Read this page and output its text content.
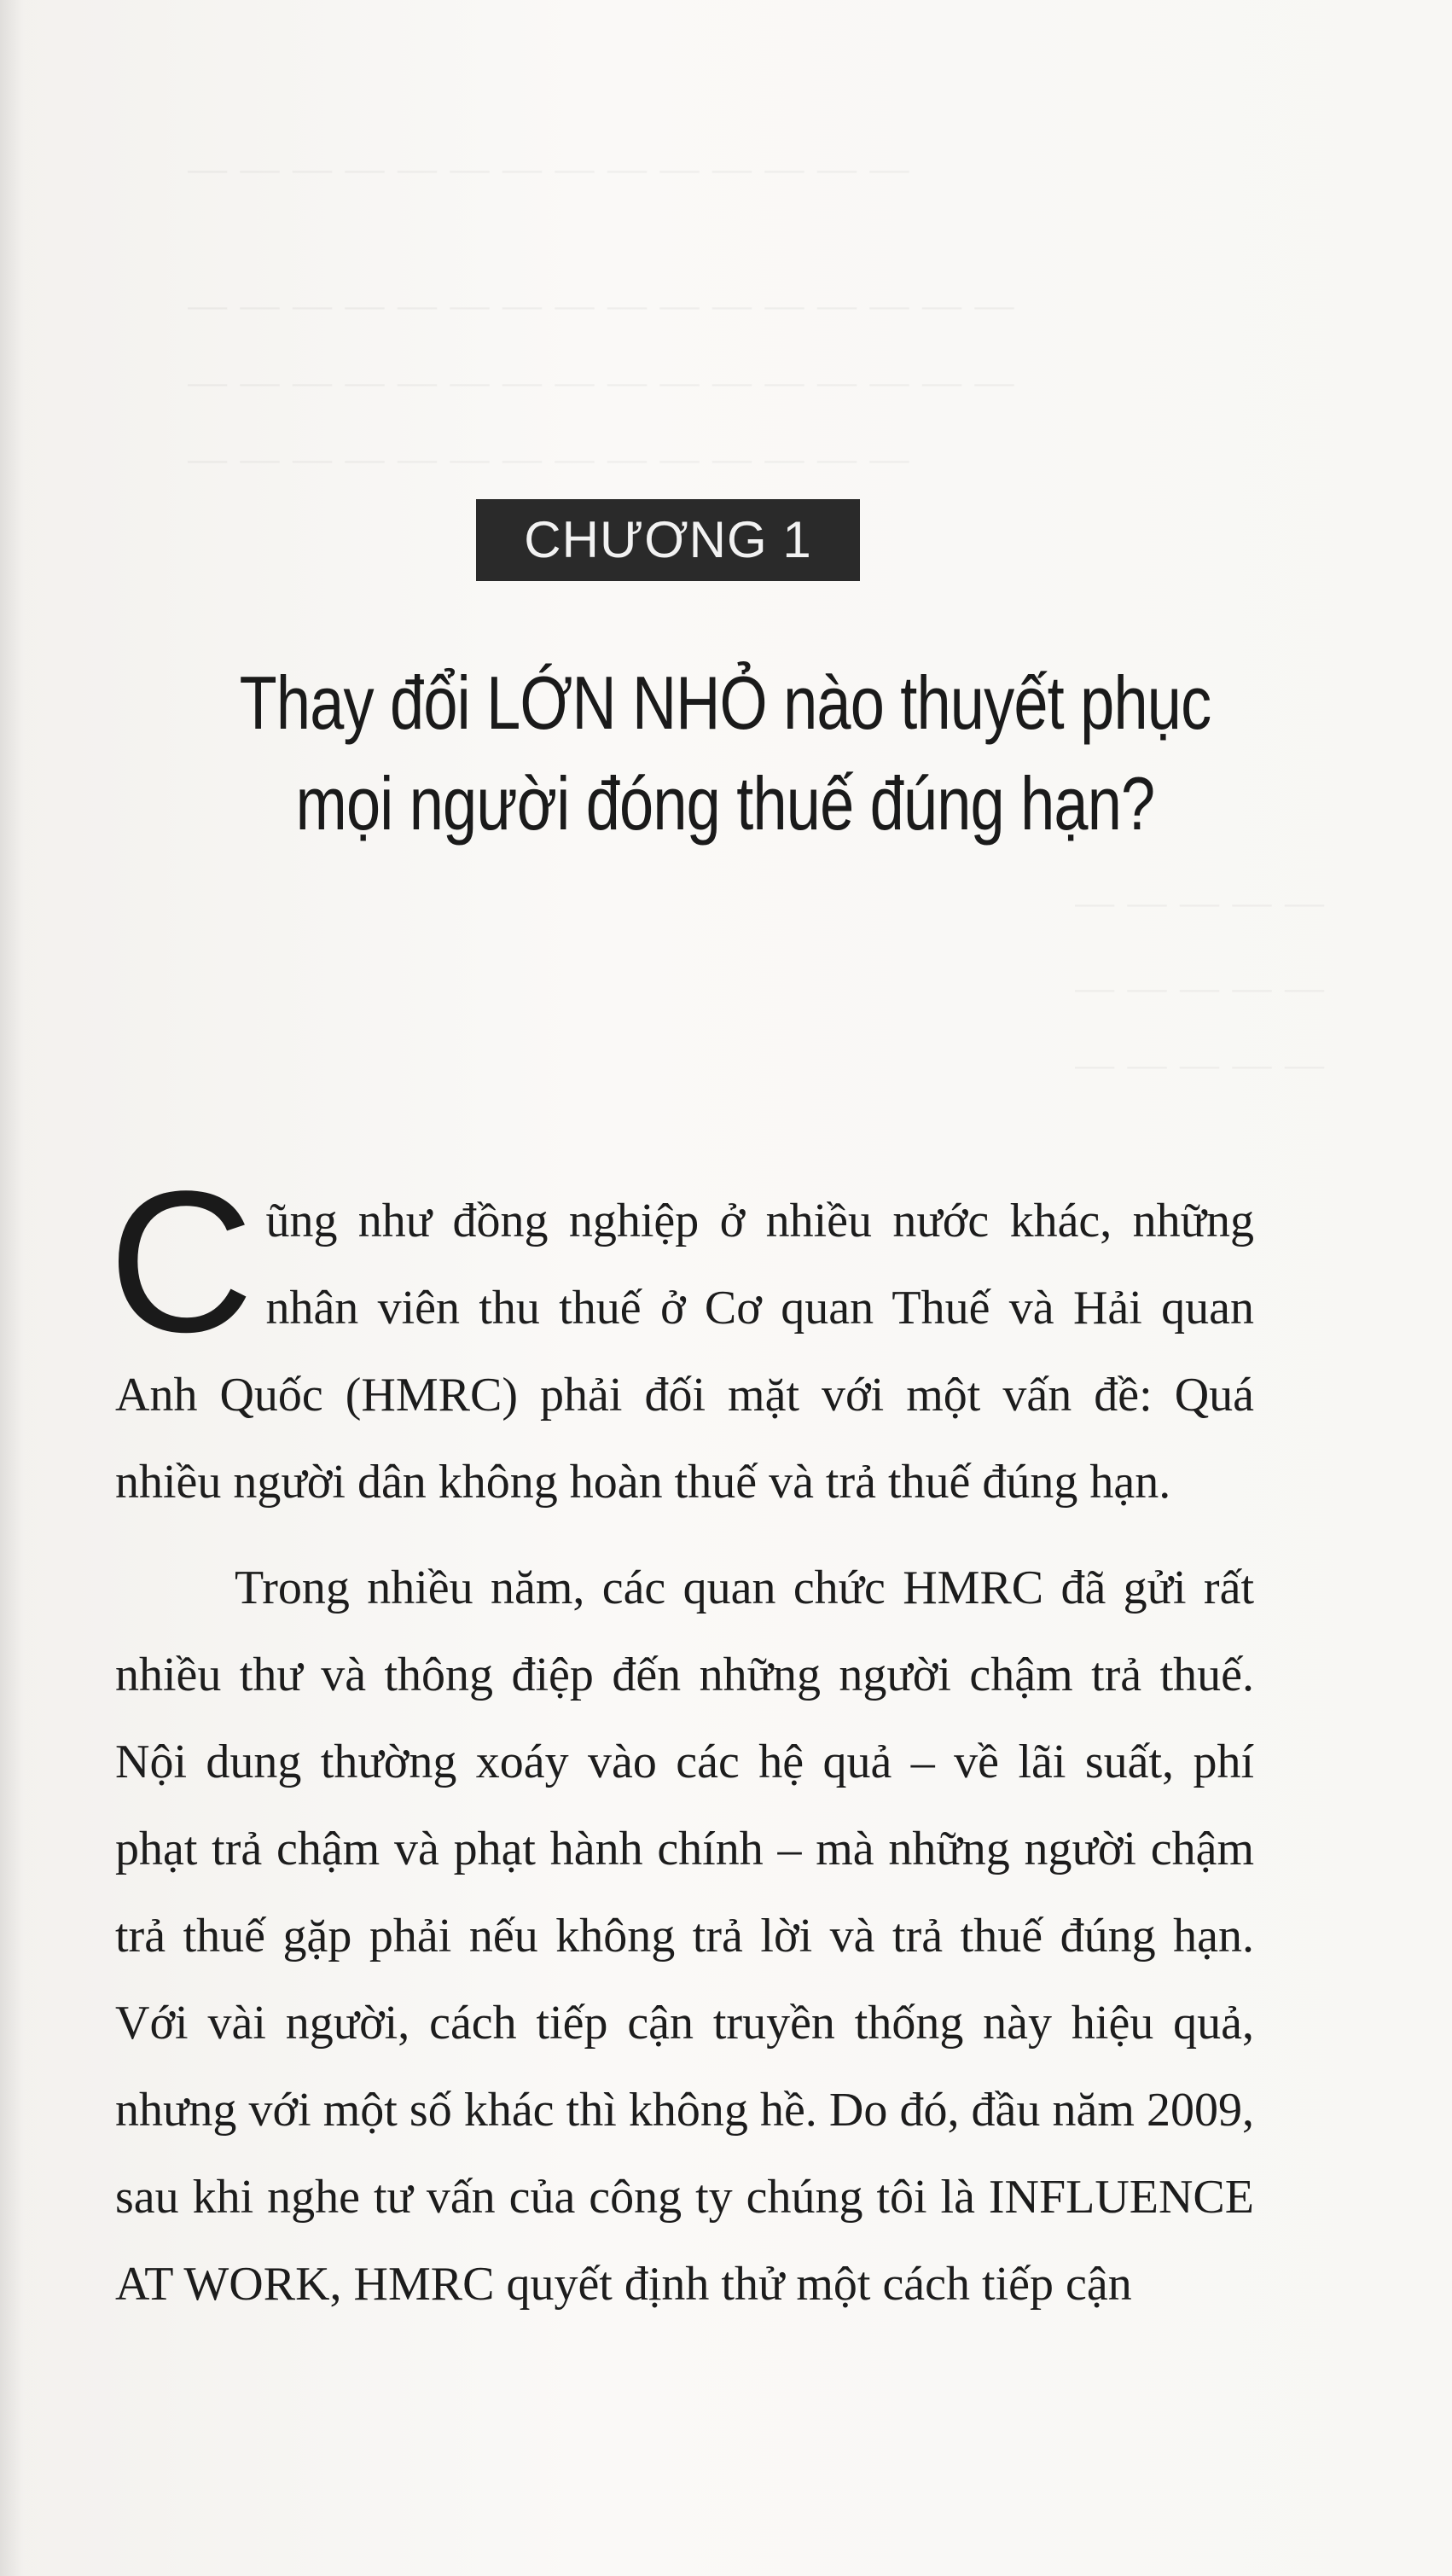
CHƯƠNG 1
Thay đổi LỚN NHỎ nào thuyết phục
mọi người đóng thuế đúng hạn?

Cũng như đồng nghiệp ở nhiều nước khác, những nhân viên thu thuế ở Cơ quan Thuế và Hải quan Anh Quốc (HMRC) phải đối mặt với một vấn đề: Quá nhiều người dân không hoàn thuế và trả thuế đúng hạn.

Trong nhiều năm, các quan chức HMRC đã gửi rất nhiều thư và thông điệp đến những người chậm trả thuế. Nội dung thường xoáy vào các hệ quả – về lãi suất, phí phạt trả chậm và phạt hành chính – mà những người chậm trả thuế gặp phải nếu không trả lời và trả thuế đúng hạn. Với vài người, cách tiếp cận truyền thống này hiệu quả, nhưng với một số khác thì không hề. Do đó, đầu năm 2009, sau khi nghe tư vấn của công ty chúng tôi là INFLUENCE AT WORK, HMRC quyết định thử một cách tiếp cận
